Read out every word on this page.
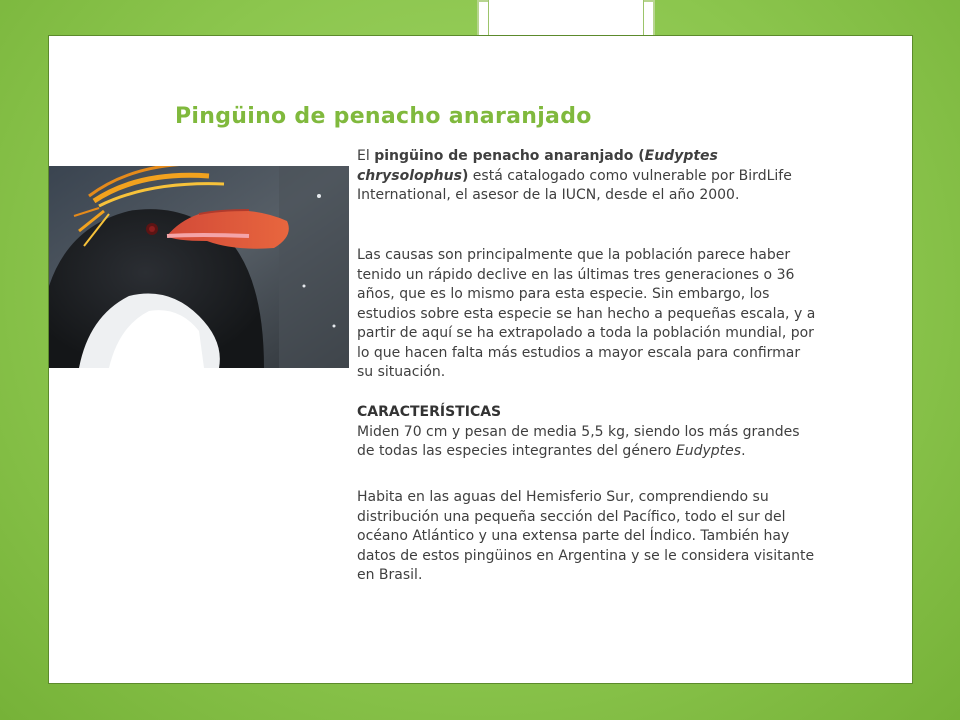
Pingüino de penacho anaranjado

El pingüino de penacho anaranjado (Eudyptes chrysolophus) está catalogado como vulnerable por BirdLife International, el asesor de la IUCN, desde el año 2000.

Las causas son principalmente que la población parece haber tenido un rápido declive en las últimas tres generaciones o 36 años, que es lo mismo para esta especie. Sin embargo, los estudios sobre esta especie se han hecho a pequeñas escala, y a partir de aquí se ha extrapolado a toda la población mundial, por lo que hacen falta más estudios a mayor escala para confirmar su situación.

CARACTERÍSTICAS
Miden 70 cm y pesan de media 5,5 kg, siendo los más grandes de todas las especies integrantes del género Eudyptes.

Habita en las aguas del Hemisferio Sur, comprendiendo su distribución una pequeña sección del Pacífico, todo el sur del océano Atlántico y una extensa parte del Índico. También hay datos de estos pingüinos en Argentina y se le considera visitante en Brasil.
